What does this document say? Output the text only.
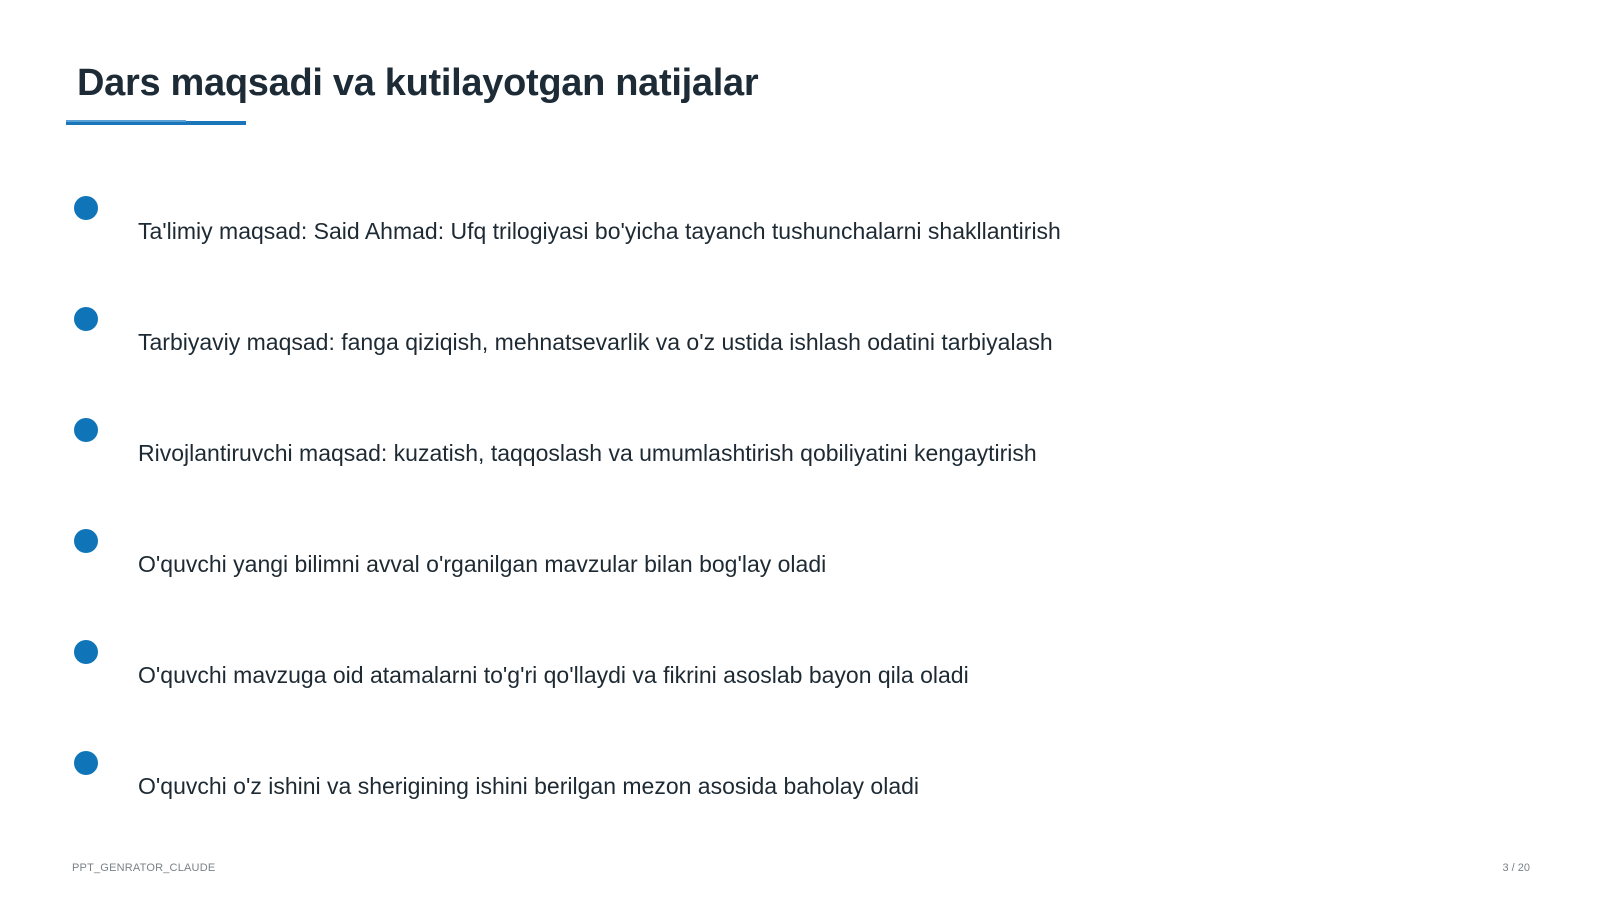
Dars maqsadi va kutilayotgan natijalar
Ta'limiy maqsad: Said Ahmad: Ufq trilogiyasi bo'yicha tayanch tushunchalarni shakllantirish
Tarbiyaviy maqsad: fanga qiziqish, mehnatsevarlik va o'z ustida ishlash odatini tarbiyalash
Rivojlantiruvchi maqsad: kuzatish, taqqoslash va umumlashtirish qobiliyatini kengaytirish
O'quvchi yangi bilimni avval o'rganilgan mavzular bilan bog'lay oladi
O'quvchi mavzuga oid atamalarni to'g'ri qo'llaydi va fikrini asoslab bayon qila oladi
O'quvchi o'z ishini va sherigining ishini berilgan mezon asosida baholay oladi
PPT_GENRATOR_CLAUDE	3 / 20
